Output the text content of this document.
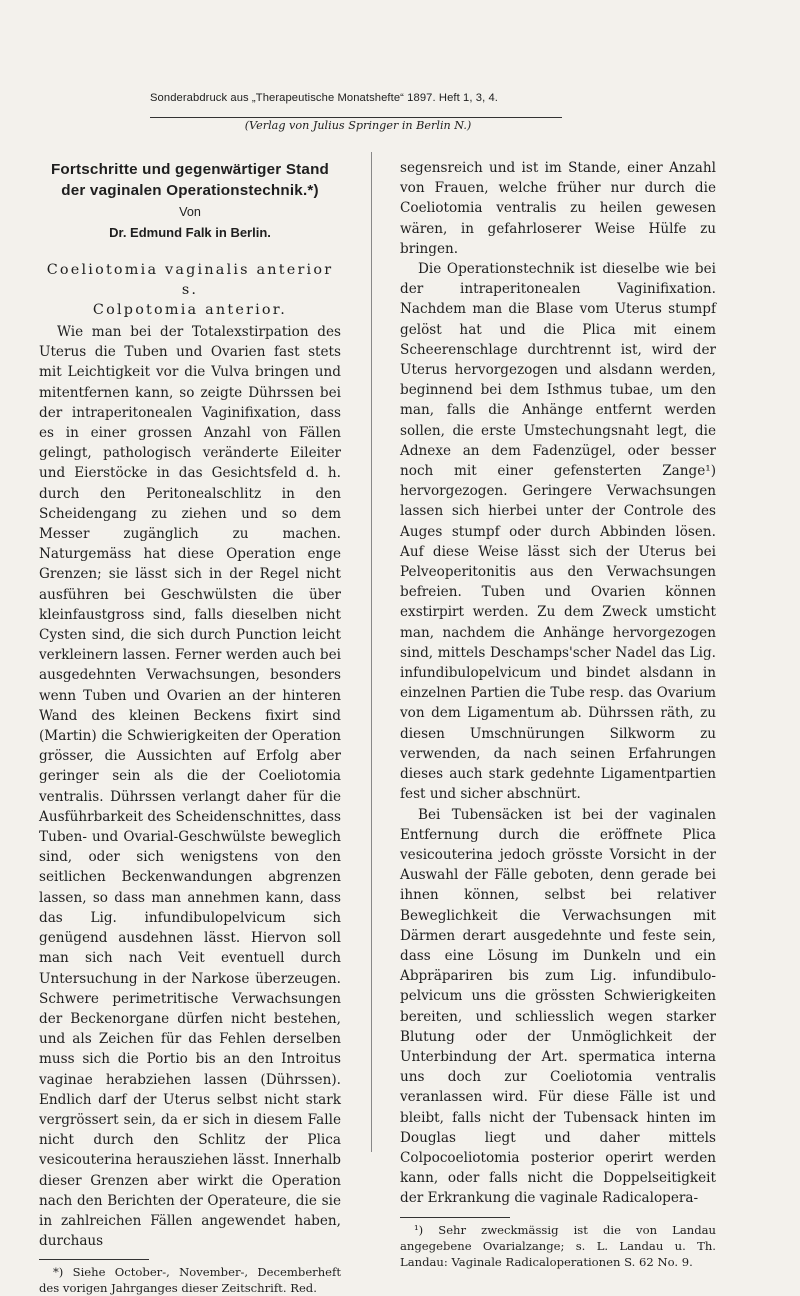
Sonderabdruck aus „Therapeutische Monatshefte“ 1897. Heft 1, 3, 4.
(Verlag von Julius Springer in Berlin N.)

Fortschritte und gegenwärtiger Stand

der vaginalen Operationstechnik.*)

Von

Dr. Edmund Falk in Berlin.

Coeliotomia vaginalis anterior s.

Colpotomia anterior.

Wie man bei der Totalexstirpation des Uterus die Tuben und Ovarien fast stets mit Leichtigkeit vor die Vulva bringen und mitentfernen kann, so zeigte Dührssen bei der intraperitonealen Vaginifixation, dass es in einer grossen Anzahl von Fällen gelingt, pathologisch veränderte Eileiter und Eierstöcke in das Gesichtsfeld d. h. durch den Peritonealschlitz in den Scheidengang zu ziehen und so dem Messer zugänglich zu machen. Naturgemäss hat diese Operation enge Grenzen; sie lässt sich in der Regel nicht ausführen bei Geschwülsten die über kleinfaustgross sind, falls dieselben nicht Cysten sind, die sich durch Punction leicht verkleinern lassen. Ferner werden auch bei ausgedehnten Verwachsungen, besonders wenn Tuben und Ovarien an der hinteren Wand des kleinen Beckens fixirt sind (Martin) die Schwierigkeiten der Operation grösser, die Aussichten auf Erfolg aber geringer sein als die der Coeliotomia ventralis. Dührssen verlangt daher für die Ausführbarkeit des Scheidenschnittes, dass Tuben- und Ovarial-Geschwülste beweglich sind, oder sich wenigstens von den seitlichen Beckenwandungen abgrenzen lassen, so dass man annehmen kann, dass das Lig. infundibulopelvicum sich genügend ausdehnen lässt. Hiervon soll man sich nach Veit eventuell durch Untersuchung in der Narkose überzeugen. Schwere perimetritische Verwachsungen der Beckenorgane dürfen nicht bestehen, und als Zeichen für das Fehlen derselben muss sich die Portio bis an den Introitus vaginae herabziehen lassen (Dührssen). Endlich darf der Uterus selbst nicht stark vergrössert sein, da er sich in diesem Falle nicht durch den Schlitz der Plica vesicouterina herausziehen lässt. Innerhalb dieser Grenzen aber wirkt die Operation nach den Berichten der Operateure, die sie in zahlreichen Fällen angewendet haben, durchaus

*) Siehe October-, November-, Decemberheft des vorigen Jahrganges dieser Zeitschrift. Red.

segensreich und ist im Stande, einer Anzahl von Frauen, welche früher nur durch die Coeliotomia ventralis zu heilen gewesen wären, in gefahrloserer Weise Hülfe zu bringen.

Die Operationstechnik ist dieselbe wie bei der intraperitonealen Vaginifixation. Nachdem man die Blase vom Uterus stumpf gelöst hat und die Plica mit einem Scheerenschlage durchtrennt ist, wird der Uterus hervorgezogen und alsdann werden, beginnend bei dem Isthmus tubae, um den man, falls die Anhänge entfernt werden sollen, die erste Umstechungsnaht legt, die Adnexe an dem Fadenzügel, oder besser noch mit einer gefensterten Zange¹) hervorgezogen. Geringere Verwachsungen lassen sich hierbei unter der Controle des Auges stumpf oder durch Abbinden lösen. Auf diese Weise lässt sich der Uterus bei Pelveoperitonitis aus den Verwachsungen befreien. Tuben und Ovarien können exstirpirt werden. Zu dem Zweck umsticht man, nachdem die Anhänge hervorgezogen sind, mittels Deschamps'scher Nadel das Lig. infundibulopelvicum und bindet alsdann in einzelnen Partien die Tube resp. das Ovarium von dem Ligamentum ab. Dührssen räth, zu diesen Umschnürungen Silkworm zu verwenden, da nach seinen Erfahrungen dieses auch stark gedehnte Ligamentpartien fest und sicher abschnürt.

Bei Tubensäcken ist bei der vaginalen Entfernung durch die eröffnete Plica vesicouterina jedoch grösste Vorsicht in der Auswahl der Fälle geboten, denn gerade bei ihnen können, selbst bei relativer Beweglichkeit die Verwachsungen mit Därmen derart ausgedehnte und feste sein, dass eine Lösung im Dunkeln und ein Abpräpariren bis zum Lig. infundibulo-pelvicum uns die grössten Schwierigkeiten bereiten, und schliesslich wegen starker Blutung oder der Unmöglichkeit der Unterbindung der Art. spermatica interna uns doch zur Coeliotomia ventralis veranlassen wird. Für diese Fälle ist und bleibt, falls nicht der Tubensack hinten im Douglas liegt und daher mittels Colpocoeliotomia posterior operirt werden kann, oder falls nicht die Doppelseitigkeit der Erkrankung die vaginale Radicalopera-

¹) Sehr zweckmässig ist die von Landau angegebene Ovarialzange; s. L. Landau u. Th. Landau: Vaginale Radicaloperationen S. 62 No. 9.
